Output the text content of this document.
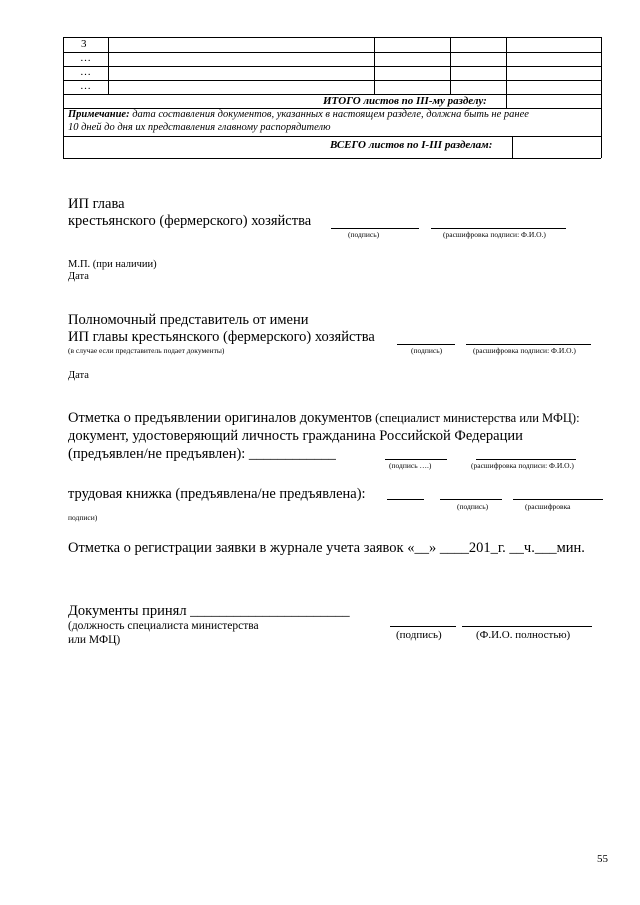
3
…
…
…
ИТОГО листов по III-му разделу:
Примечание: дата составления документов, указанных в настоящем разделе, должна быть не ранее
10 дней до дня их представления главному распорядителю
ВСЕГО листов по I-III разделам:
ИП глава
крестьянского (фермерского) хозяйства
(подпись)	(расшифровка подписи: Ф.И.О.)
М.П. (при наличии)
Дата
Полномочный представитель от имени
ИП главы крестьянского (фермерского) хозяйства
(в случае если представитель подает документы)	(подпись)	(расшифровка подписи: Ф.И.О.)
Дата
Отметка о предъявлении оригиналов документов (специалист министерства или МФЦ):
документ, удостоверяющий личность гражданина Российской Федерации
(предъявлен/не предъявлен): ____________
(подпись ….)	(расшифровка подписи: Ф.И.О.)
трудовая книжка (предъявлена/не предъявлена):
(подпись)	(расшифровка
подписи)
Отметка о регистрации заявки в журнале учета заявок «__» ____201_г. __ч.___мин.
Документы принял ______________________
(должность специалиста министерства
или МФЦ)	(подпись)	(Ф.И.О. полностью)
55
